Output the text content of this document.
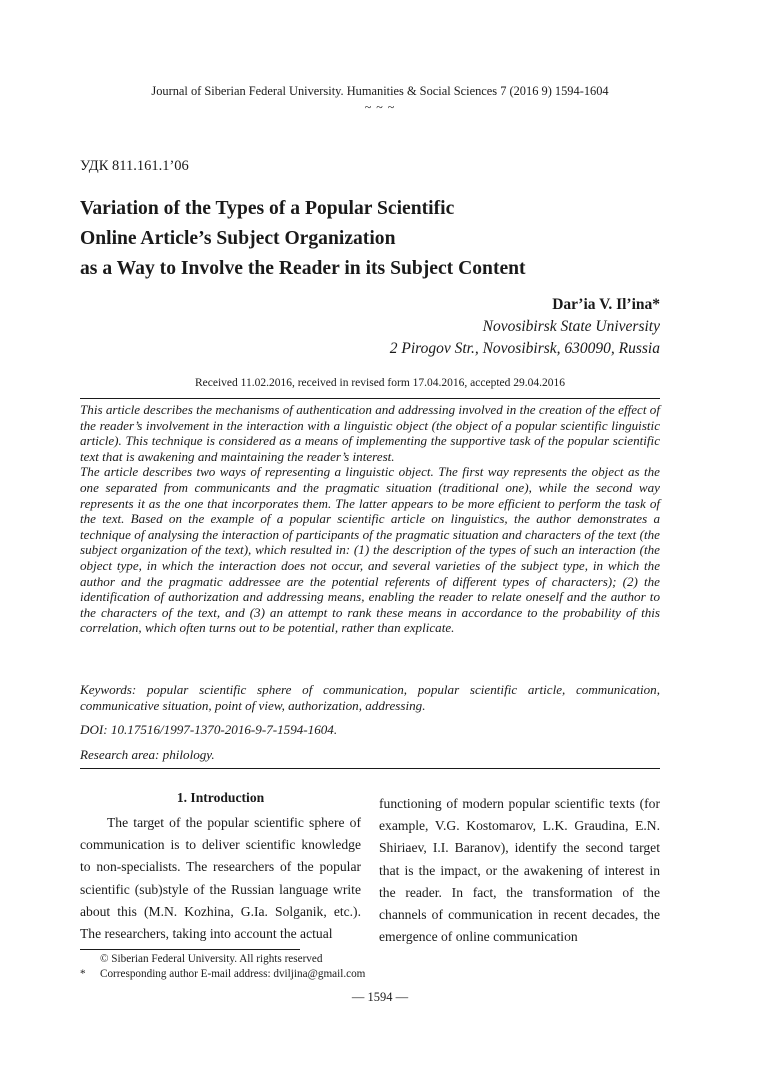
Journal of Siberian Federal University. Humanities & Social Sciences 7 (2016 9) 1594-1604
~ ~ ~
УДК 811.161.1’06
Variation of the Types of a Popular Scientific
Online Article’s Subject Organization
as a Way to Involve the Reader in its Subject Content
Dar’ia V. Il’ina*
Novosibirsk State University
2 Pirogov Str., Novosibirsk, 630090, Russia
Received 11.02.2016, received in revised form 17.04.2016, accepted 29.04.2016

This article describes the mechanisms of authentication and addressing involved in the creation of the effect of the reader’s involvement in the interaction with a linguistic object (the object of a popular scientific linguistic article). This technique is considered as a means of implementing the supportive task of the popular scientific text that is awakening and maintaining the reader’s interest.

The article describes two ways of representing a linguistic object. The first way represents the object as the one separated from communicants and the pragmatic situation (traditional one), while the second way represents it as the one that incorporates them. The latter appears to be more efficient to perform the task of the text. Based on the example of a popular scientific article on linguistics, the author demonstrates a technique of analysing the interaction of participants of the pragmatic situation and characters of the text (the subject organization of the text), which resulted in: (1) the description of the types of such an interaction (the object type, in which the interaction does not occur, and several varieties of the subject type, in which the author and the pragmatic addressee are the potential referents of different types of characters); (2) the identification of authorization and addressing means, enabling the reader to relate oneself and the author to the characters of the text, and (3) an attempt to rank these means in accordance to the probability of this correlation, which often turns out to be potential, rather than explicate.

Keywords: popular scientific sphere of communication, popular scientific article, communication, communicative situation, point of view, authorization, addressing.
DOI: 10.17516/1997-1370-2016-9-7-1594-1604.
Research area: philology.
1. Introduction

The target of the popular scientific sphere of communication is to deliver scientific knowledge to non-specialists. The researchers of the popular scientific (sub)style of the Russian language write about this (M.N. Kozhina, G.Ia. Solganik, etc.). The researchers, taking into account the actual

functioning of modern popular scientific texts (for example, V.G. Kostomarov, L.K. Graudina, E.N. Shiriaev, I.I. Baranov), identify the second target that is the impact, or the awakening of interest in the reader. In fact, the transformation of the channels of communication in recent decades, the emergence of online communication

© Siberian Federal University. All rights reserved
* Corresponding author E-mail address: dviljina@gmail.com
— 1594 —
